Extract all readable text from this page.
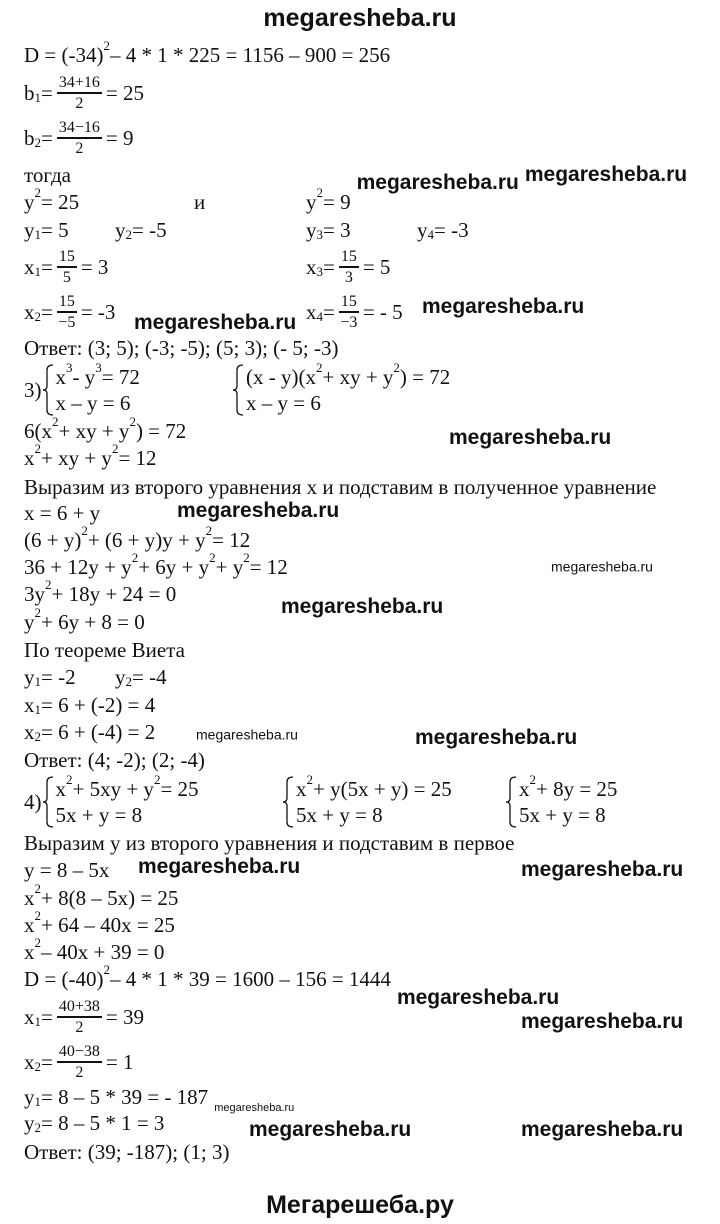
megaresheba.ru
D = (-34) 2 – 4 * 1 * 225 = 1156 – 900 = 256
b $1 = \frac{34+16}{2} = 25$
b $2 = \frac{34-16}{2} = 9$
тогда
y 2 = 25	и	y 2 = 9
y 1 = 5 y 2 = -5	y 3 = 3	y 4 = -3
x $1 = \frac{15}{5} = 3$	x $3 = \frac{15}{3} = 5$
x $2 = \frac{15}{-5} = -3$	x $4 = \frac{15}{-3}$ = - 5
Ответ: (3; 5); (-3; -5); (5; 3); (- 5; -3)
3)
x 3 - y 3 = 72
x – y = 6
(x - y)(x 2 + xy + y 2 ) = 72
x – y = 6
6(x 2 + xy + y 2 ) = 72
x 2 + xy + y 2 = 12
Выразим из второго уравнения x и подставим в полученное уравнение
x = 6 + y
(6 + y) 2 + (6 + y)y + y 2 = 12
36 + 12y + y 2 + 6y + y 2 + y 2 = 12
3y 2 + 18y + 24 = 0
y 2 + 6y + 8 = 0
По теореме Виета
y 1 = -2 y 2 = -4
x 1 = 6 + (-2) = 4
x 2 = 6 + (-4) = 2
Ответ: (4; -2); (2; -4)
4)
x 2 + 5xy + y 2 = 25
5x + y = 8
x 2 + y(5x + y) = 25
5x + y = 8
x 2 + 8y = 25
5x + y = 8
Выразим y из второго уравнения и подставим в первое
y = 8 – 5x
x 2 + 8(8 – 5x) = 25
x 2 + 64 – 40x = 25
x 2 – 40x + 39 = 0
D = (-40) 2 – 4 * 1 * 39 = 1600 – 156 = 1444
x $1 = \frac{40+38}{2} = 39$
x $2 = \frac{40-38}{2} = 1$
y 1 = 8 – 5 * 39 = - 187
y 2 = 8 – 5 * 1 = 3
Ответ: (39; -187); (1; 3)
megaresheba.ru megaresheba.ru
megaresheba.ru
megaresheba.ru
megaresheba.ru
megaresheba.ru
megaresheba.ru
megaresheba.ru
megaresheba.ru	megaresheba.ru
megaresheba.ru	megaresheba.ru
megaresheba.ru
megaresheba.ru
megaresheba.ru	megaresheba.ru
megaresheba.ru
Мегарешеба.ру
